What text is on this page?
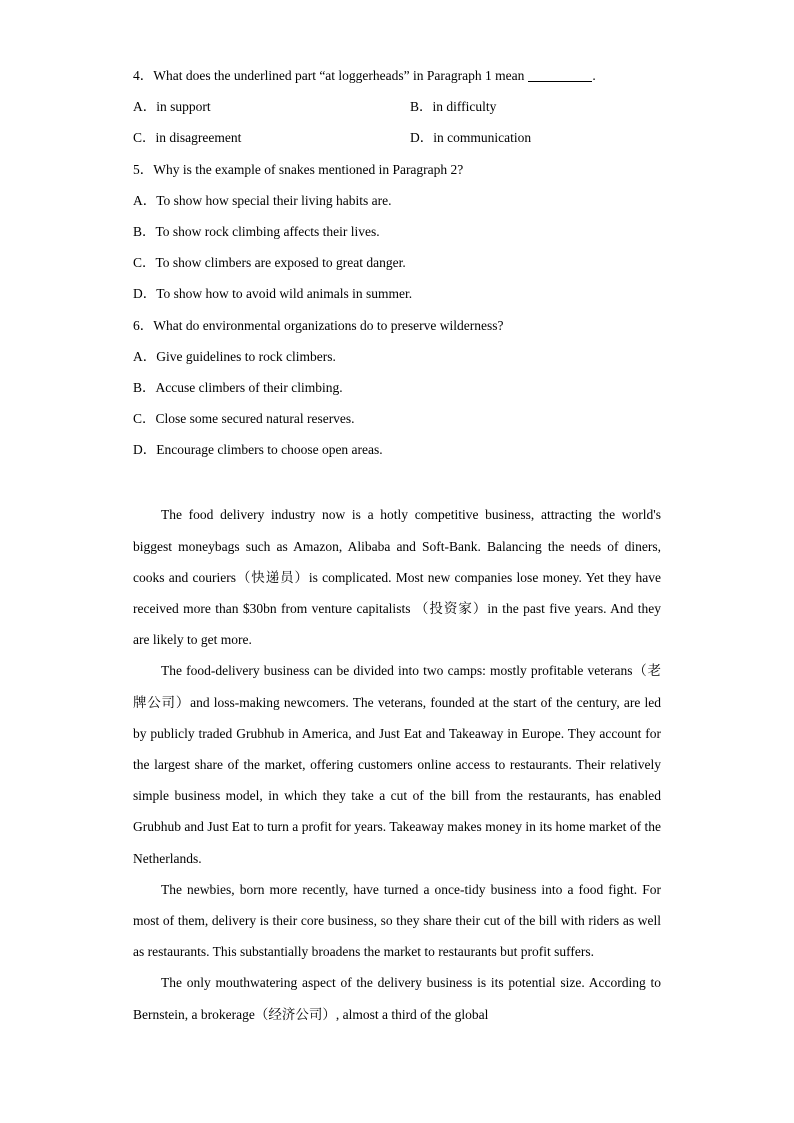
4．What does the underlined part “at loggerheads” in Paragraph 1 mean	.
A．in support	B．in difficulty
C．in disagreement	D．in communication
5．Why is the example of snakes mentioned in Paragraph 2?
A．To show how special their living habits are.
B．To show rock climbing affects their lives.
C．To show climbers are exposed to great danger.
D．To show how to avoid wild animals in summer.
6．What do environmental organizations do to preserve wilderness?
A．Give guidelines to rock climbers.
B．Accuse climbers of their climbing.
C．Close some secured natural reserves.
D．Encourage climbers to choose open areas.

The food delivery industry now is a hotly competitive business, attracting the world's biggest moneybags such as Amazon, Alibaba and Soft-Bank. Balancing the needs of diners, cooks and couriers（快递员）is complicated. Most new companies lose money. Yet they have received more than $30bn from venture capitalists （投资家）in the past five years. And they are likely to get more.

The food-delivery business can be divided into two camps: mostly profitable veterans（老牌公司）and loss-making newcomers. The veterans, founded at the start of the century, are led by publicly traded Grubhub in America, and Just Eat and Takeaway in Europe. They account for the largest share of the market, offering customers online access to restaurants. Their relatively simple business model, in which they take a cut of the bill from the restaurants, has enabled Grubhub and Just Eat to turn a profit for years. Takeaway makes money in its home market of the Netherlands.

The newbies, born more recently, have turned a once-tidy business into a food fight. For most of them, delivery is their core business, so they share their cut of the bill with riders as well as restaurants. This substantially broadens the market to restaurants but profit suffers.

The only mouthwatering aspect of the delivery business is its potential size. According to Bernstein, a brokerage（经济公司）, almost a third of the global
